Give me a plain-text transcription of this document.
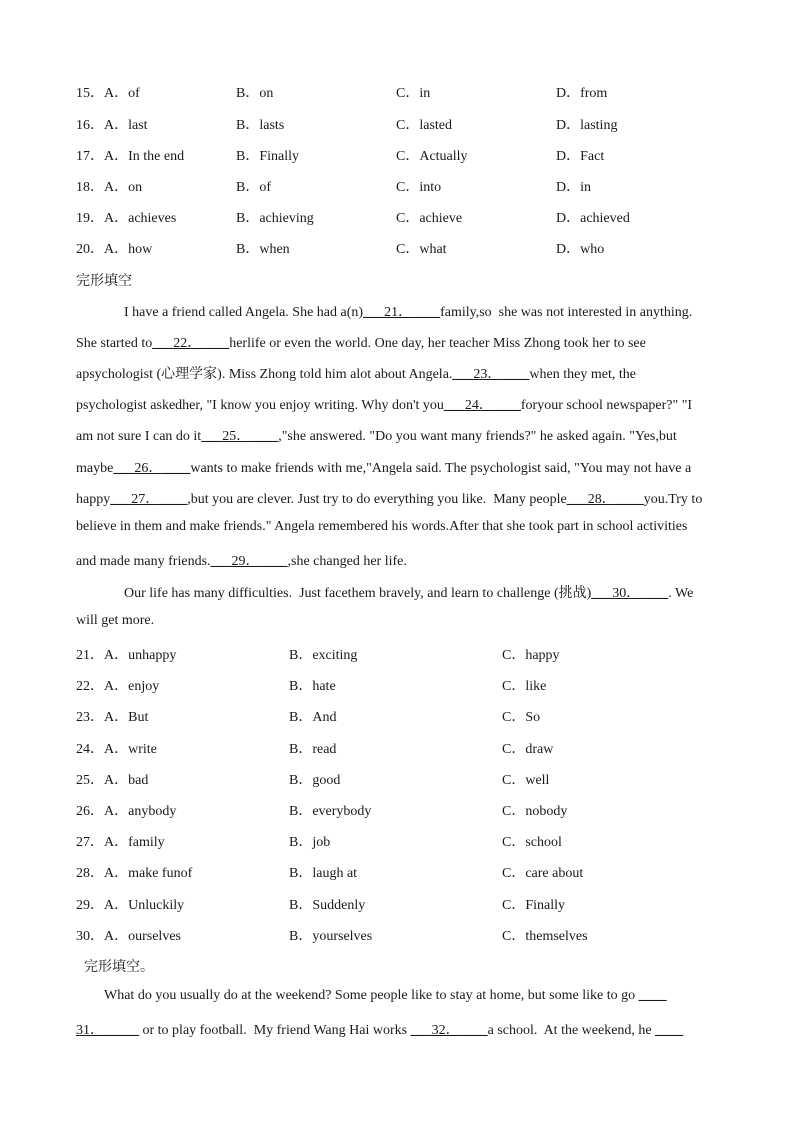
15． A．of	B．on	C．in	D．from
16． A．last	B．lasts	C．lasted	D．lasting
17． A．In the end	B．Finally	C．Actually	D．Fact
18． A．on	B．of	C．into	D．in
19． A．achieves	B．achieving	C．achieve	D．achieved
20． A．how	B．when	C．what	D．who
完形填空
I have a friend called Angela. She had a(n)___21．____family,so  she was not interested in anything.
She started to___22．____herlife or even the world. One day, her teacher Miss Zhong took her to see
apsychologist (心理学家). Miss Zhong told him alot about Angela.___23．____when they met, the
psychologist askedher, "I know you enjoy writing. Why don't you___24．____foryour school newspaper?" "I
am not sure I can do it___25．____,"she answered. "Do you want many friends?" he asked again. "Yes,but
maybe___26．____wants to make friends with me,"Angela said. The psychologist said, "You may not have a
happy___27．____,but you are clever. Just try to do everything you like.  Many people___28．____you.Try to
believe in them and make friends." Angela remembered his words.After that she took part in school activities
and made many friends.___29．____,she changed her life.
Our life has many difficulties.  Just facethem bravely, and learn to challenge (挑战)___30．____. We
will get more.
21． A．unhappy	B．exciting	C．happy
22． A．enjoy	B．hate	C．like
23． A．But	B．And	C．So
24． A．write	B．read	C．draw
25． A．bad	B．good	C．well
26． A．anybody	B．everybody	C．nobody
27． A．family	B．job	C．school
28． A．make funof	B．laugh at	C．care about
29． A．Unluckily	B．Suddenly	C．Finally
30． A．ourselves	B．yourselves	C．themselves
完形填空。
What do you usually do at the weekend? Some people like to stay at home, but some like to go ____
31．_____ or to play football.  My friend Wang Hai works ___32．____a school.  At the weekend, he ____
